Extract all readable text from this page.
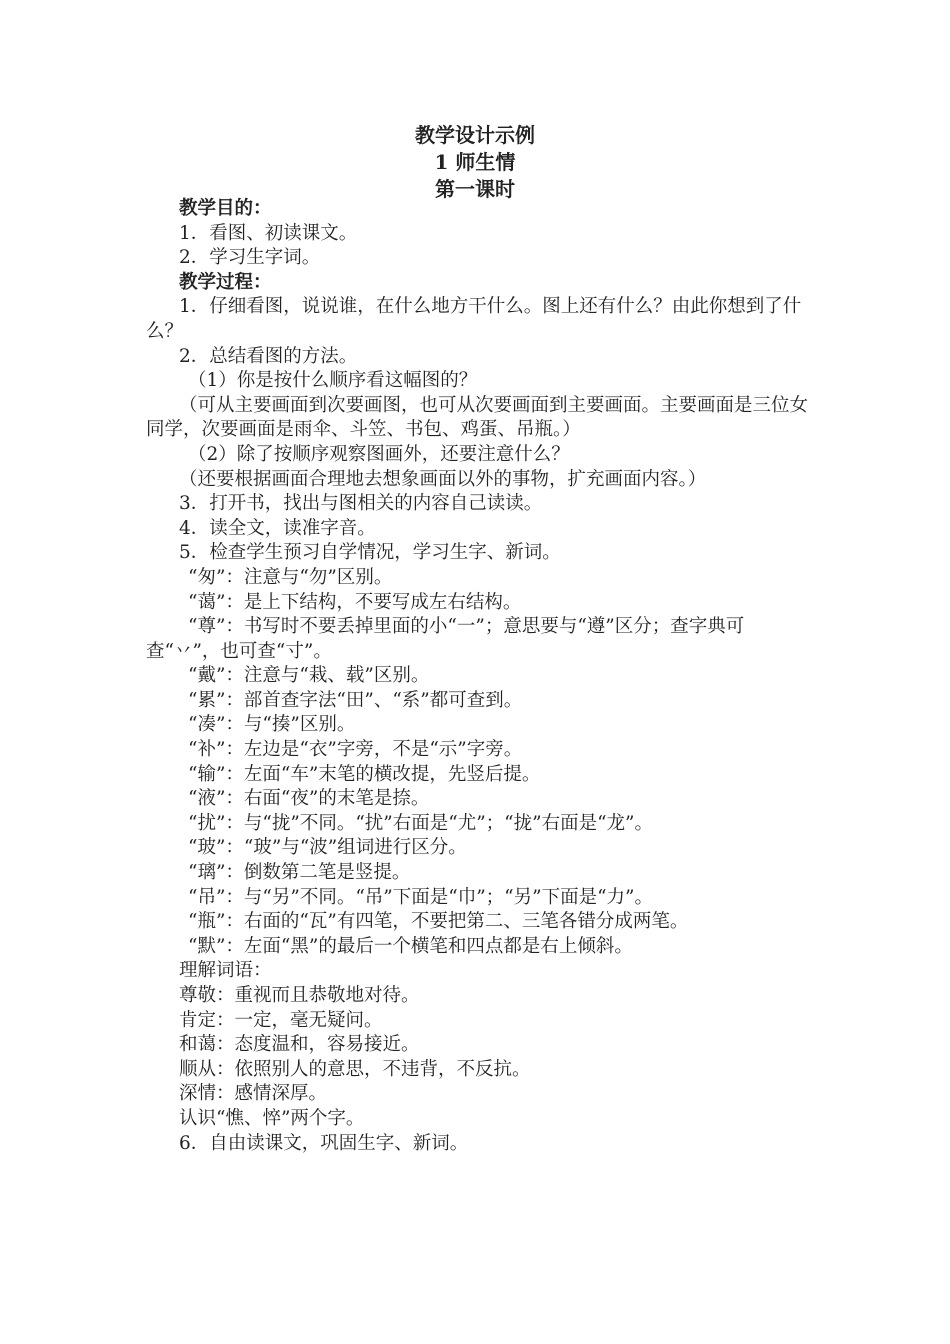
教学设计示例
1 师生情
第一课时

教学目的：

1．看图、初读课文。

2．学习生字词。

教学过程：

1．仔细看图，说说谁，在什么地方干什么。图上还有什么？由此你想到了什么？

2．总结看图的方法。

（1）你是按什么顺序看这幅图的？

（可从主要画面到次要画图，也可从次要画面到主要画面。主要画面是三位女同学，次要画面是雨伞、斗笠、书包、鸡蛋、吊瓶。）

（2）除了按顺序观察图画外，还要注意什么？

（还要根据画面合理地去想象画面以外的事物，扩充画面内容。）

3．打开书，找出与图相关的内容自己读读。

4．读全文，读准字音。

5．检查学生预习自学情况，学习生字、新词。

“匆”：注意与“勿”区别。

“蔼”：是上下结构，不要写成左右结构。

“尊”：书写时不要丢掉里面的小“一”；意思要与“遵”区分；查字典可查“丷”，也可查“寸”。

“戴”：注意与“栽、载”区别。

“累”：部首查字法“田”、“系”都可查到。

“凑”：与“揍”区别。

“补”：左边是“衣”字旁，不是“示”字旁。

“输”：左面“车”末笔的横改提，先竖后提。

“液”：右面“夜”的末笔是捺。

“扰”：与“拢”不同。“扰”右面是“尤”；“拢”右面是“龙”。

“玻”：“玻”与“波”组词进行区分。

“璃”：倒数第二笔是竖提。

“吊”：与“另”不同。“吊”下面是“巾”；“另”下面是“力”。

“瓶”：右面的“瓦”有四笔，不要把第二、三笔各错分成两笔。

“默”：左面“黑”的最后一个横笔和四点都是右上倾斜。

理解词语：

尊敬：重视而且恭敬地对待。

肯定：一定，毫无疑问。

和蔼：态度温和，容易接近。

顺从：依照别人的意思，不违背，不反抗。

深情：感情深厚。

认识“憔、悴”两个字。

6．自由读课文，巩固生字、新词。
